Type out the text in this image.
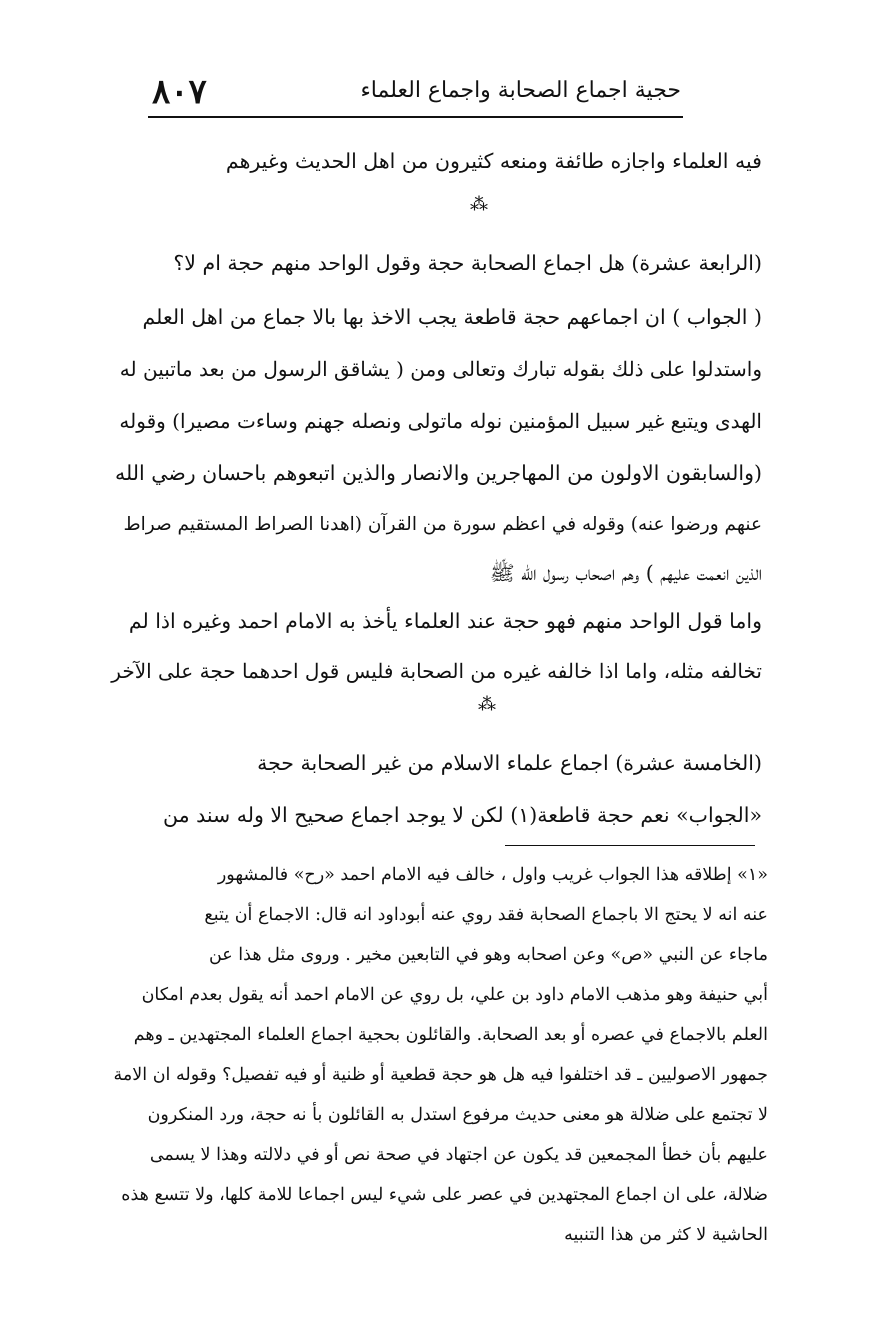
حجية اجماع الصحابة واجماع العلماء
٨٠٧
فيه العلماء واجازه طائفة ومنعه كثيرون من اهل الحديث وغيرهم
⁂
(الرابعة عشرة) هل اجماع الصحابة حجة وقول الواحد منهم حجة ام لا؟
( الجواب ) ان اجماعهم حجة قاطعة يجب الاخذ بها بالا جماع من اهل العلم
واستدلوا على ذلك بقوله تبارك وتعالى ومن ( يشاقق الرسول من بعد ماتبين له
الهدى ويتبع غير سبيل المؤمنين نوله ماتولى ونصله جهنم وساءت مصيرا) وقوله
(والسابقون الاولون من المهاجرين والانصار والذين اتبعوهم باحسان رضي الله
عنهم ورضوا عنه) وقوله في اعظم سورة من القرآن (اهدنا الصراط المستقيم صراط
الذين انعمت عليهم ) وهم اصحاب رسول الله ﷺ
واما قول الواحد منهم فهو حجة عند العلماء يأخذ به الامام احمد وغيره اذا لم
تخالفه مثله، واما اذا خالفه غيره من الصحابة فليس قول احدهما حجة على الآخر
⁂
(الخامسة عشرة) اجماع علماء الاسلام من غير الصحابة حجة
«الجواب» نعم حجة قاطعة(١) لكن لا يوجد اجماع صحيح الا وله سند من
«١» إطلاقه هذا الجواب غريب واول ، خالف فيه الامام احمد «رح» فالمشهور
عنه انه لا يحتج الا باجماع الصحابة فقد روي عنه أبوداود انه قال: الاجماع أن يتبع
ماجاء عن النبي «ص» وعن اصحابه وهو في التابعين مخير . وروى مثل هذا عن
أبي حنيفة وهو مذهب الامام داود بن علي، بل روي عن الامام احمد أنه يقول بعدم امكان
العلم بالاجماع في عصره أو بعد الصحابة. والقائلون بحجية اجماع العلماء المجتهدين ـ وهم
جمهور الاصوليين ـ قد اختلفوا فيه هل هو حجة قطعية أو ظنية أو فيه تفصيل؟ وقوله ان الامة
لا تجتمع على ضلالة هو معنى حديث مرفوع استدل به القائلون بأ نه حجة، ورد المنكرون
عليهم بأن خطأ المجمعين قد يكون عن اجتهاد في صحة نص أو في دلالته وهذا لا يسمى
ضلالة، على ان اجماع المجتهدين في عصر على شيء ليس اجماعا للامة كلها، ولا تتسع هذه
الحاشية لا كثر من هذا التنبيه
